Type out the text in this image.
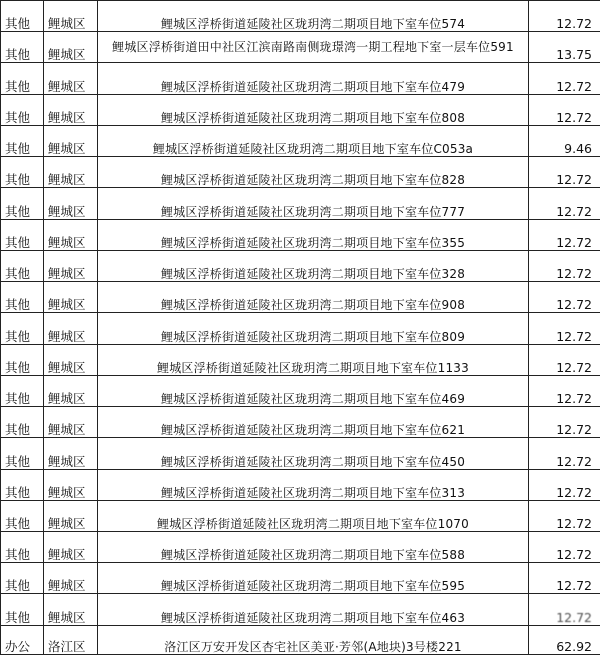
其他	鲤城区	鲤城区浮桥街道延陵社区珑玥湾二期项目地下室车位574	12.72
其他	鲤城区	鲤城区浮桥街道田中社区江滨南路南侧珑璟湾一期工程地下室一层车位591	13.75
其他	鲤城区	鲤城区浮桥街道延陵社区珑玥湾二期项目地下室车位479	12.72
其他	鲤城区	鲤城区浮桥街道延陵社区珑玥湾二期项目地下室车位808	12.72
其他	鲤城区	鲤城区浮桥街道延陵社区珑玥湾二期项目地下室车位C053a	9.46
其他	鲤城区	鲤城区浮桥街道延陵社区珑玥湾二期项目地下室车位828	12.72
其他	鲤城区	鲤城区浮桥街道延陵社区珑玥湾二期项目地下室车位777	12.72
其他	鲤城区	鲤城区浮桥街道延陵社区珑玥湾二期项目地下室车位355	12.72
其他	鲤城区	鲤城区浮桥街道延陵社区珑玥湾二期项目地下室车位328	12.72
其他	鲤城区	鲤城区浮桥街道延陵社区珑玥湾二期项目地下室车位908	12.72
其他	鲤城区	鲤城区浮桥街道延陵社区珑玥湾二期项目地下室车位809	12.72
其他	鲤城区	鲤城区浮桥街道延陵社区珑玥湾二期项目地下室车位1133	12.72
其他	鲤城区	鲤城区浮桥街道延陵社区珑玥湾二期项目地下室车位469	12.72
其他	鲤城区	鲤城区浮桥街道延陵社区珑玥湾二期项目地下室车位621	12.72
其他	鲤城区	鲤城区浮桥街道延陵社区珑玥湾二期项目地下室车位450	12.72
其他	鲤城区	鲤城区浮桥街道延陵社区珑玥湾二期项目地下室车位313	12.72
其他	鲤城区	鲤城区浮桥街道延陵社区珑玥湾二期项目地下室车位1070	12.72
其他	鲤城区	鲤城区浮桥街道延陵社区珑玥湾二期项目地下室车位588	12.72
其他	鲤城区	鲤城区浮桥街道延陵社区珑玥湾二期项目地下室车位595	12.72
其他	鲤城区	鲤城区浮桥街道延陵社区珑玥湾二期项目地下室车位463	12.72
办公	洛江区	洛江区万安开发区杏宅社区美亚·芳邻(A地块)3号楼221	62.92
